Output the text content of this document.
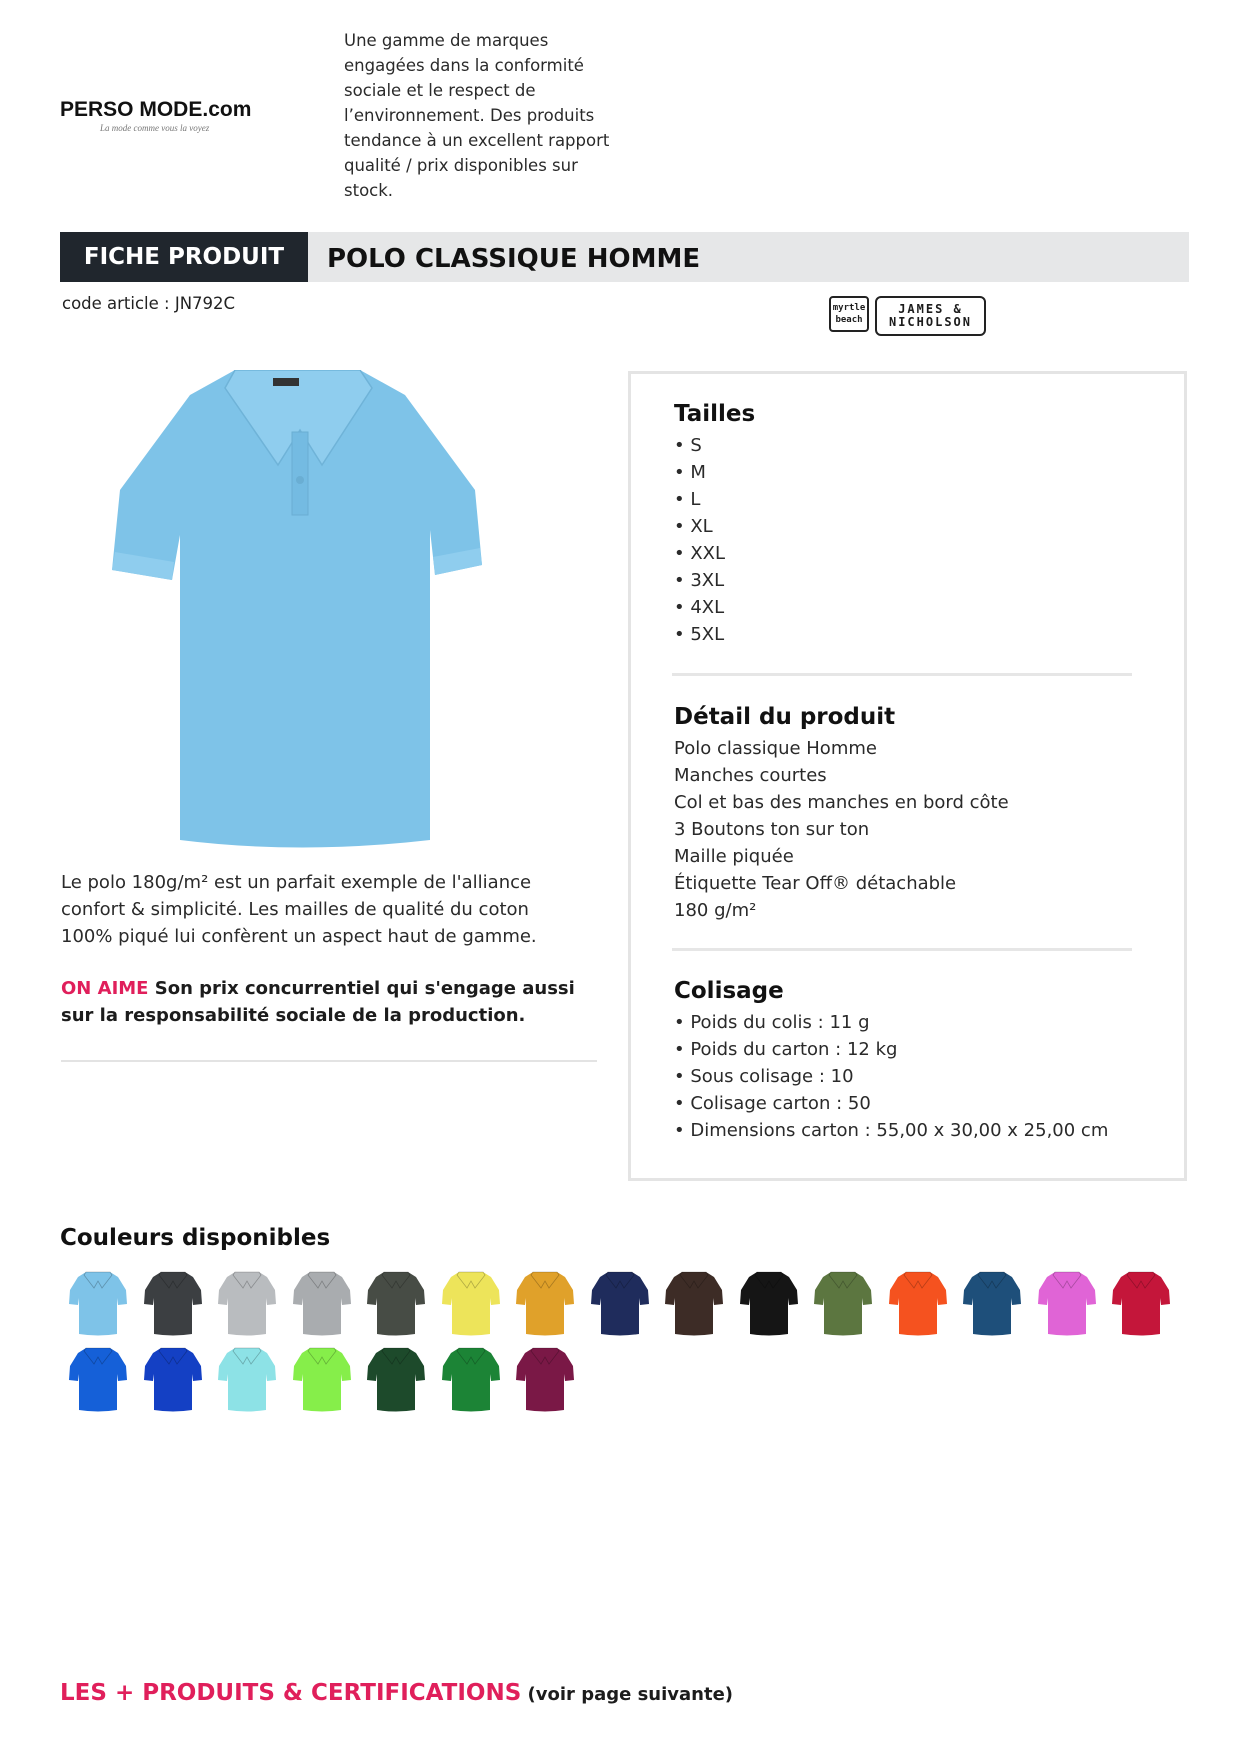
PERSO MODE.com
La mode comme vous la voyez
Une gamme de marques
engagées dans la conformité
sociale et le respect de
l’environnement. Des produits
tendance à un excellent rapport
qualité / prix disponibles sur
stock.
FICHE PRODUIT	POLO CLASSIQUE HOMME
code article : JN792C	myrtle
beach
JAMES &
NICHOLSON
Le polo 180g/m² est un parfait exemple de l'alliance
confort & simplicité. Les mailles de qualité du coton
100% piqué lui confèrent un aspect haut de gamme.
ON AIME Son prix concurrentiel qui s'engage aussi
sur la responsabilité sociale de la production.
Tailles
• S
• M
• L
• XL
• XXL
• 3XL
• 4XL
• 5XL
Détail du produit
Polo classique Homme
Manches courtes
Col et bas des manches en bord côte
3 Boutons ton sur ton
Maille piquée
Étiquette Tear Off® détachable
180 g/m²
Colisage
• Poids du colis : 11 g
• Poids du carton : 12 kg
• Sous colisage : 10
• Colisage carton : 50
• Dimensions carton : 55,00 x 30,00 x 25,00 cm
Couleurs disponibles
LES + PRODUITS & CERTIFICATIONS (voir page suivante)
